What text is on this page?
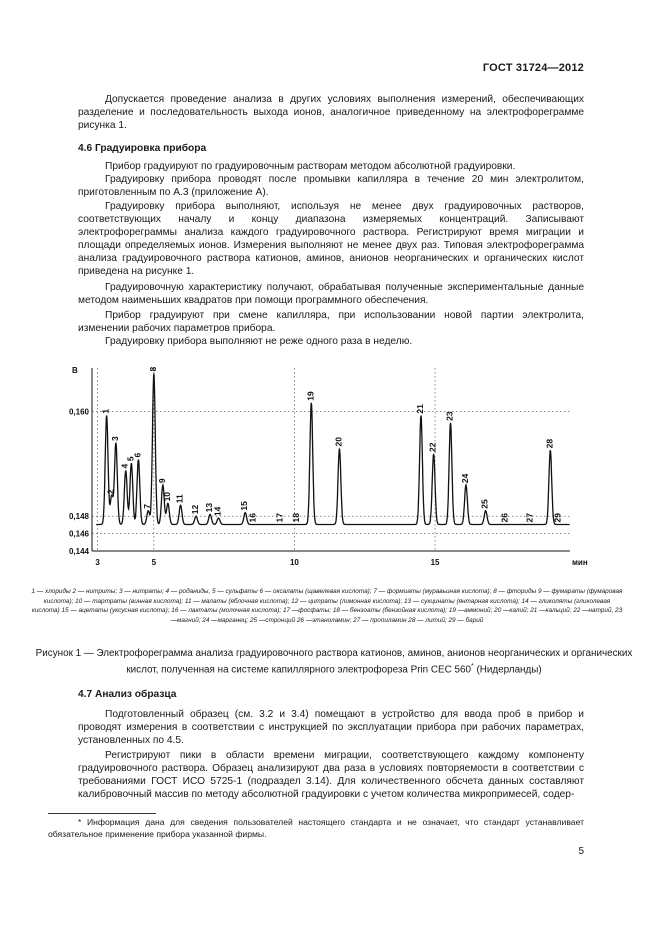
ГОСТ 31724—2012

Допускается проведение анализа в других условиях выполнения измерений, обеспечивающих разделение и последовательность выхода ионов, аналогичное приведенному на электрофореграмме рисунка 1.

4.6 Градуировка прибора

Прибор градуируют по градуировочным растворам методом абсолютной градуировки.

Градуировку прибора проводят после промывки капилляра в течение 20 мин электролитом, приготовленным по А.3 (приложение А).

Градуировку прибора выполняют, используя не менее двух градуировочных растворов, соответствующих началу и концу диапазона измеряемых концентраций. Записывают электрофореграммы анализа каждого градуировочного раствора. Регистрируют время миграции и площади определяемых ионов. Измерения выполняют не менее двух раз. Типовая электрофореграмма анализа градуировочного раствора катионов, аминов, анионов неорганических и органических кислот приведена на рисунке 1.

Градуировочную характеристику получают, обрабатывая полученные экспериментальные данные методом наименьших квадратов при помощи программного обеспечения.

Прибор градуируют при смене капилляра, при использовании новой партии электролита, изменении рабочих параметров прибора.

Градуировку прибора выполняют не реже одного раза в неделю.

0,144
0,146
0,148
0,160
3	5	10	15
В
мин
1
2
3
4
5
6
7
8
9
10 11
12 13
14
15
16 17 18
19
20
21
22
23
24
25
26 27
28
29
1 — хлориды 2 — нитриты; 3 — нитраты; 4 — роданиды, 5 — сульфаты 6 — оксалаты (щавелевая кислота); 7 — формиаты (муравьиная кислота); 8 — фториды 9 — фумараты (фумаровая кислота); 10 — тартраты (винная кислота); 11 — малаты (яблочная кислота); 12 — цитраты (лимонная кислота); 13 — сукцинаты (янтарная кислота); 14 — гликоляты (гликолевая кислота) 15 — ацетаты (уксусная кислота); 16 — лактаты (молочная кислота); 17 —фосфаты; 18 — бензоаты (бензойная кислота); 19 —аммоний; 20 —калий; 21 —кальций; 22 —натрий, 23 —магний; 24 —марганец; 25 —стронций 26 —этаноламин; 27 — пропиламин 28 — литий; 29 — барий
Рисунок 1 — Электрофореграмма анализа градуировочного раствора катионов, аминов, анионов неорганических и органических кислот, полученная на системе капиллярного электрофореза Prin CEC 560* (Нидерланды)

4.7 Анализ образца

Подготовленный образец (см. 3.2 и 3.4) помещают в устройство для ввода проб в прибор и проводят измерения в соответствии с инструкцией по эксплуатации прибора при рабочих параметрах, установленных по 4.5.

Регистрируют пики в области времени миграции, соответствующего каждому компоненту градуировочного раствора. Образец анализируют два раза в условиях повторяемости в соответствии с требованиями ГОСТ ИСО 5725-1 (подраздел 3.14). Для количественного обсчета данных составляют калибровочный массив по методу абсолютной градуировки с учетом количества микропримесей, содер-

* Информация дана для сведения пользователей настоящего стандарта и не означает, что стандарт устанавливает обязательное применение прибора указанной фирмы.
5
